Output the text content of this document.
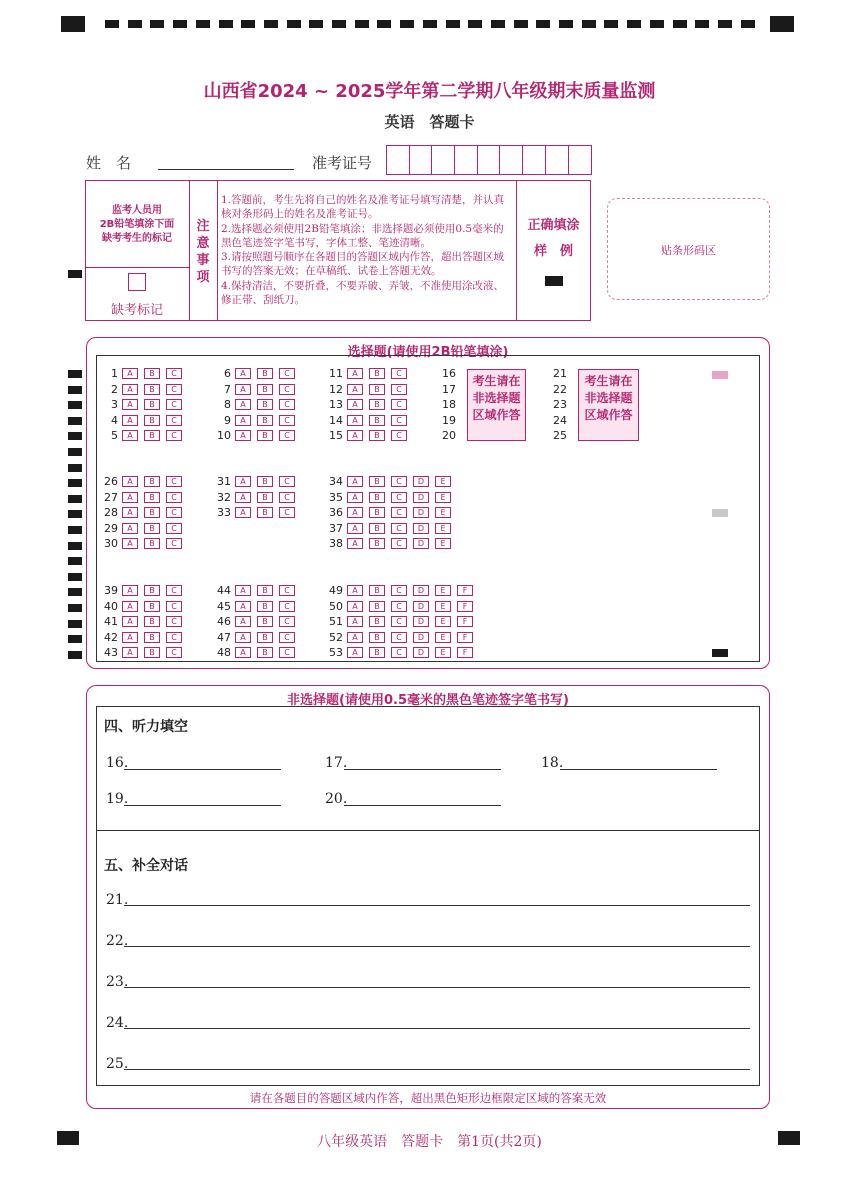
山西省2024 ~ 2025学年第二学期八年级期末质量监测
英语　答题卡
姓　名	准考证号
监考人员用
2B铅笔填涂下面
缺考考生的标记
缺考标记
注
意
事
项
1.答题前，考生先将自己的姓名及准考证号填写清楚，并认真核对条形码上的姓名及准考证号。
2.选择题必须使用2B铅笔填涂；非选择题必须使用0.5毫米的黑色笔迹签字笔书写，字体工整、笔迹清晰。
3.请按照题号顺序在各题目的答题区域内作答，超出答题区域书写的答案无效；在草稿纸、试卷上答题无效。
4.保持清洁，不要折叠，不要弄破、弄皱，不准使用涂改液、修正带、刮纸刀。
正确填涂
样　例	贴条形码区
选择题(请使用2B铅笔填涂)
1	A	B	C	6	A	B	C	11	A	B	C	16	21
2	A	B	C	7	A	B	C	12	A	B	C	17	22
3	A	B	C	8	A	B	C	13	A	B	C	18	23
4	A	B	C	9	A	B	C	14	A	B	C	19	24
5	A	B	C	10	A	B	C	15	A	B	C	20	25
26	A	B	C	31	A	B	C	34	A	B	C	D	E
27	A	B	C	32	A	B	C	35	A	B	C	D	E
28	A	B	C	33	A	B	C	36	A	B	C	D	E
29	A	B	C	37	A	B	C	D	E
30	A	B	C	38	A	B	C	D	E
39	A	B	C	44	A	B	C	49	A	B	C	D	E	F
40	A	B	C	45	A	B	C	50	A	B	C	D	E	F
41	A	B	C	46	A	B	C	51	A	B	C	D	E	F
42	A	B	C	47	A	B	C	52	A	B	C	D	E	F
43	A	B	C	48	A	B	C	53	A	B	C	D	E	F
考生请在
非选择题
区域作答
考生请在
非选择题
区域作答
非选择题(请使用0.5毫米的黑色笔迹签字笔书写)
四、听力填空
16.	17.	18.
19.	20.
五、补全对话
21.
22.
23.
24.
25.
请在各题目的答题区域内作答，超出黑色矩形边框限定区域的答案无效
八年级英语　答题卡　第1页(共2页)
